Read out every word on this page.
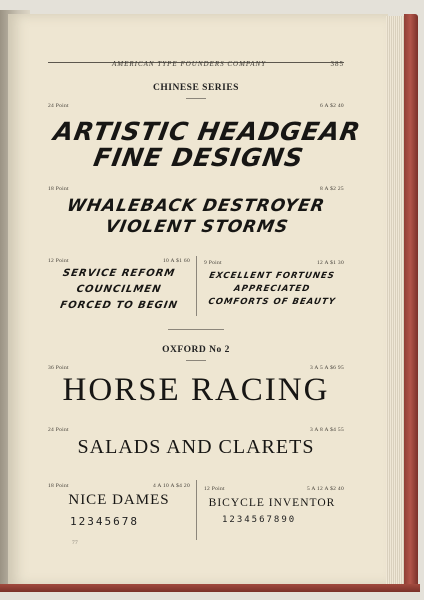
AMERICAN TYPE FOUNDERS COMPANY	385
CHINESE SERIES
24 Point	6 A $2 40
ARTISTIC HEADGEAR
FINE DESIGNS
18 Point	8 A $2 25
WHALEBACK DESTROYER
VIOLENT STORMS
12 Point	10 A $1 60
SERVICE REFORM
COUNCILMEN
FORCED TO BEGIN
9 Point	12 A $1 30
EXCELLENT FORTUNES
APPRECIATED
COMFORTS OF BEAUTY
OXFORD No 2
36 Point	3 A 5 A $6 95
HORSE RACING
24 Point	3 A 8 A $4 55
SALADS AND CLARETS
18 Point	4 A 10 A $4 20
NICE DAMES
12345678
12 Point	5 A 12 A $2 40
BICYCLE INVENTOR
1234567890
77
